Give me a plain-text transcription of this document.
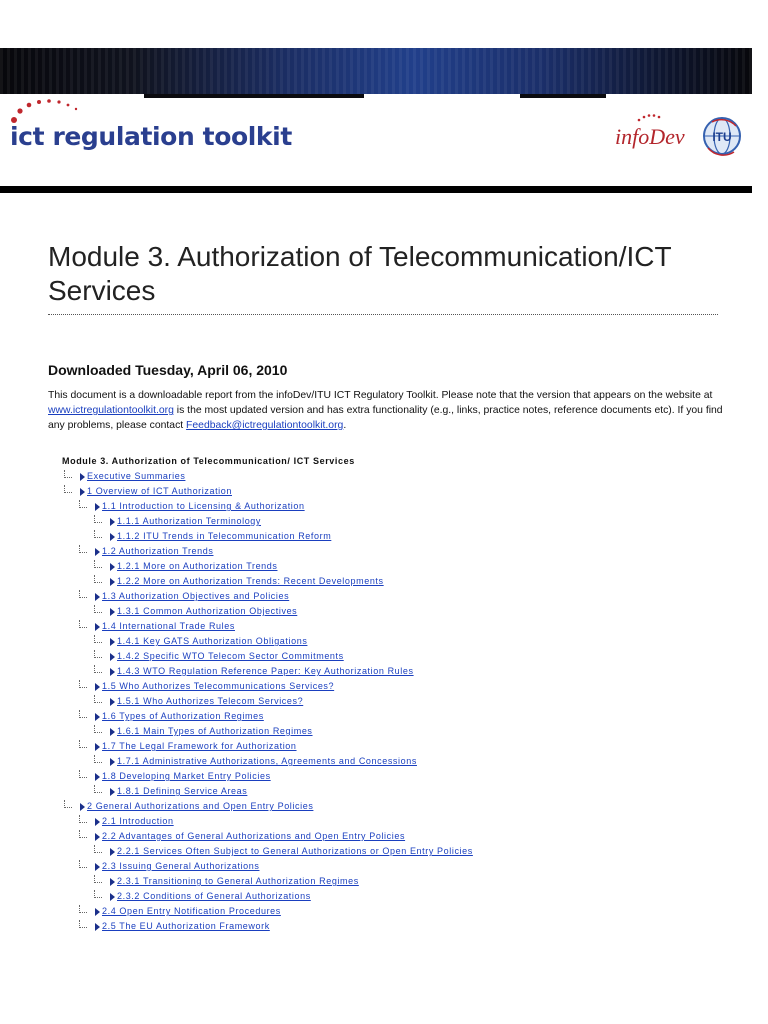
ict regulation toolkit	infoDev ITU
Module 3. Authorization of Telecommunication/ICT Services

Downloaded Tuesday, April 06, 2010

This document is a downloadable report from the infoDev/ITU ICT Regulatory Toolkit. Please note that the version that appears on the website at www.ictregulationtoolkit.org is the most updated version and has extra functionality (e.g., links, practice notes, reference documents etc). If you find any problems, please contact Feedback@ictregulationtoolkit.org.

Module 3. Authorization of Telecommunication/ ICT Services
Executive Summaries
1 Overview of ICT Authorization
1.1 Introduction to Licensing & Authorization
1.1.1 Authorization Terminology
1.1.2 ITU Trends in Telecommunication Reform
1.2 Authorization Trends
1.2.1 More on Authorization Trends
1.2.2 More on Authorization Trends: Recent Developments
1.3 Authorization Objectives and Policies
1.3.1 Common Authorization Objectives
1.4 International Trade Rules
1.4.1 Key GATS Authorization Obligations
1.4.2 Specific WTO Telecom Sector Commitments
1.4.3 WTO Regulation Reference Paper: Key Authorization Rules
1.5 Who Authorizes Telecommunications Services?
1.5.1 Who Authorizes Telecom Services?
1.6 Types of Authorization Regimes
1.6.1 Main Types of Authorization Regimes
1.7 The Legal Framework for Authorization
1.7.1 Administrative Authorizations, Agreements and Concessions
1.8 Developing Market Entry Policies
1.8.1 Defining Service Areas
2 General Authorizations and Open Entry Policies
2.1 Introduction
2.2 Advantages of General Authorizations and Open Entry Policies
2.2.1 Services Often Subject to General Authorizations or Open Entry Policies
2.3 Issuing General Authorizations
2.3.1 Transitioning to General Authorization Regimes
2.3.2 Conditions of General Authorizations
2.4 Open Entry Notification Procedures
2.5 The EU Authorization Framework
